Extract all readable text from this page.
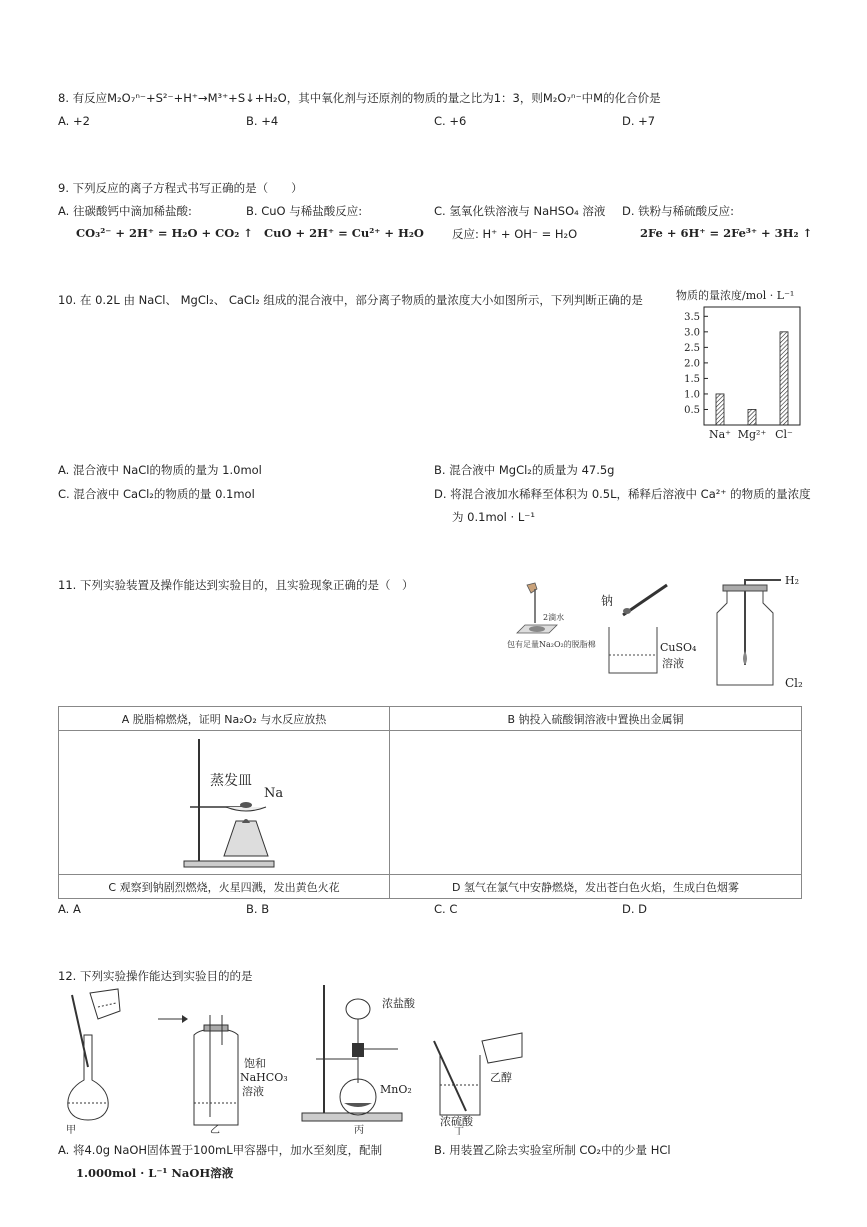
8. 有反应M₂O₇ⁿ⁻+S²⁻+H⁺→M³⁺+S↓+H₂O，其中氧化剂与还原剂的物质的量之比为1：3，则M₂O₇ⁿ⁻中M的化合价是
A. +2	B. +4	C. +6	D. +7
9. 下列反应的离子方程式书写正确的是（　　）
A. 往碳酸钙中滴加稀盐酸:
CO₃²⁻ + 2H⁺ = H₂O + CO₂ ↑
B. CuO 与稀盐酸反应:
CuO + 2H⁺ = Cu²⁺ + H₂O
C. 氢氧化铁溶液与 NaHSO₄ 溶液
反应: H⁺ + OH⁻ = H₂O
D. 铁粉与稀硫酸反应:
2Fe + 6H⁺ = 2Fe³⁺ + 3H₂ ↑
10. 在 0.2L 由 NaCl、 MgCl₂、 CaCl₂ 组成的混合液中，部分离子物质的量浓度大小如图所示，下列判断正确的是	物质的量浓度/mol · L⁻¹
0.5
1.0
1.5
2.0
2.5
3.0
3.5
Na⁺ Mg²⁺ Cl⁻
A. 混合液中 NaCl的物质的量为 1.0mol	B. 混合液中 MgCl₂的质量为 47.5g
C. 混合液中 CaCl₂的物质的量 0.1mol	D. 将混合液加水稀释至体积为 0.5L，稀释后溶液中 Ca²⁺ 的物质的量浓度
为 0.1mol · L⁻¹
11. 下列实验装置及操作能达到实验目的，且实验现象正确的是（　）
2滴水
包有足量Na₂O₂的脱脂棉
钠
CuSO₄
溶液
H₂
Cl₂
A 脱脂棉燃烧，证明 Na₂O₂ 与水反应放热	B 钠投入硫酸铜溶液中置换出金属铜

蒸发皿
Na	

C 观察到钠剧烈燃烧，火星四溅，发出黄色火花	D 氢气在氯气中安静燃烧，发出苍白色火焰，生成白色烟雾
A. A	B. B	C. C	D. D
12. 下列实验操作能达到实验目的的是
甲
饱和
NaHCO₃
溶液
乙
浓盐酸
MnO₂
丙
乙醇
浓硫酸
丁
A. 将4.0g NaOH固体置于100mL甲容器中，加水至刻度，配制
1.000mol · L⁻¹ NaOH溶液
B. 用装置乙除去实验室所制 CO₂中的少量 HCl
